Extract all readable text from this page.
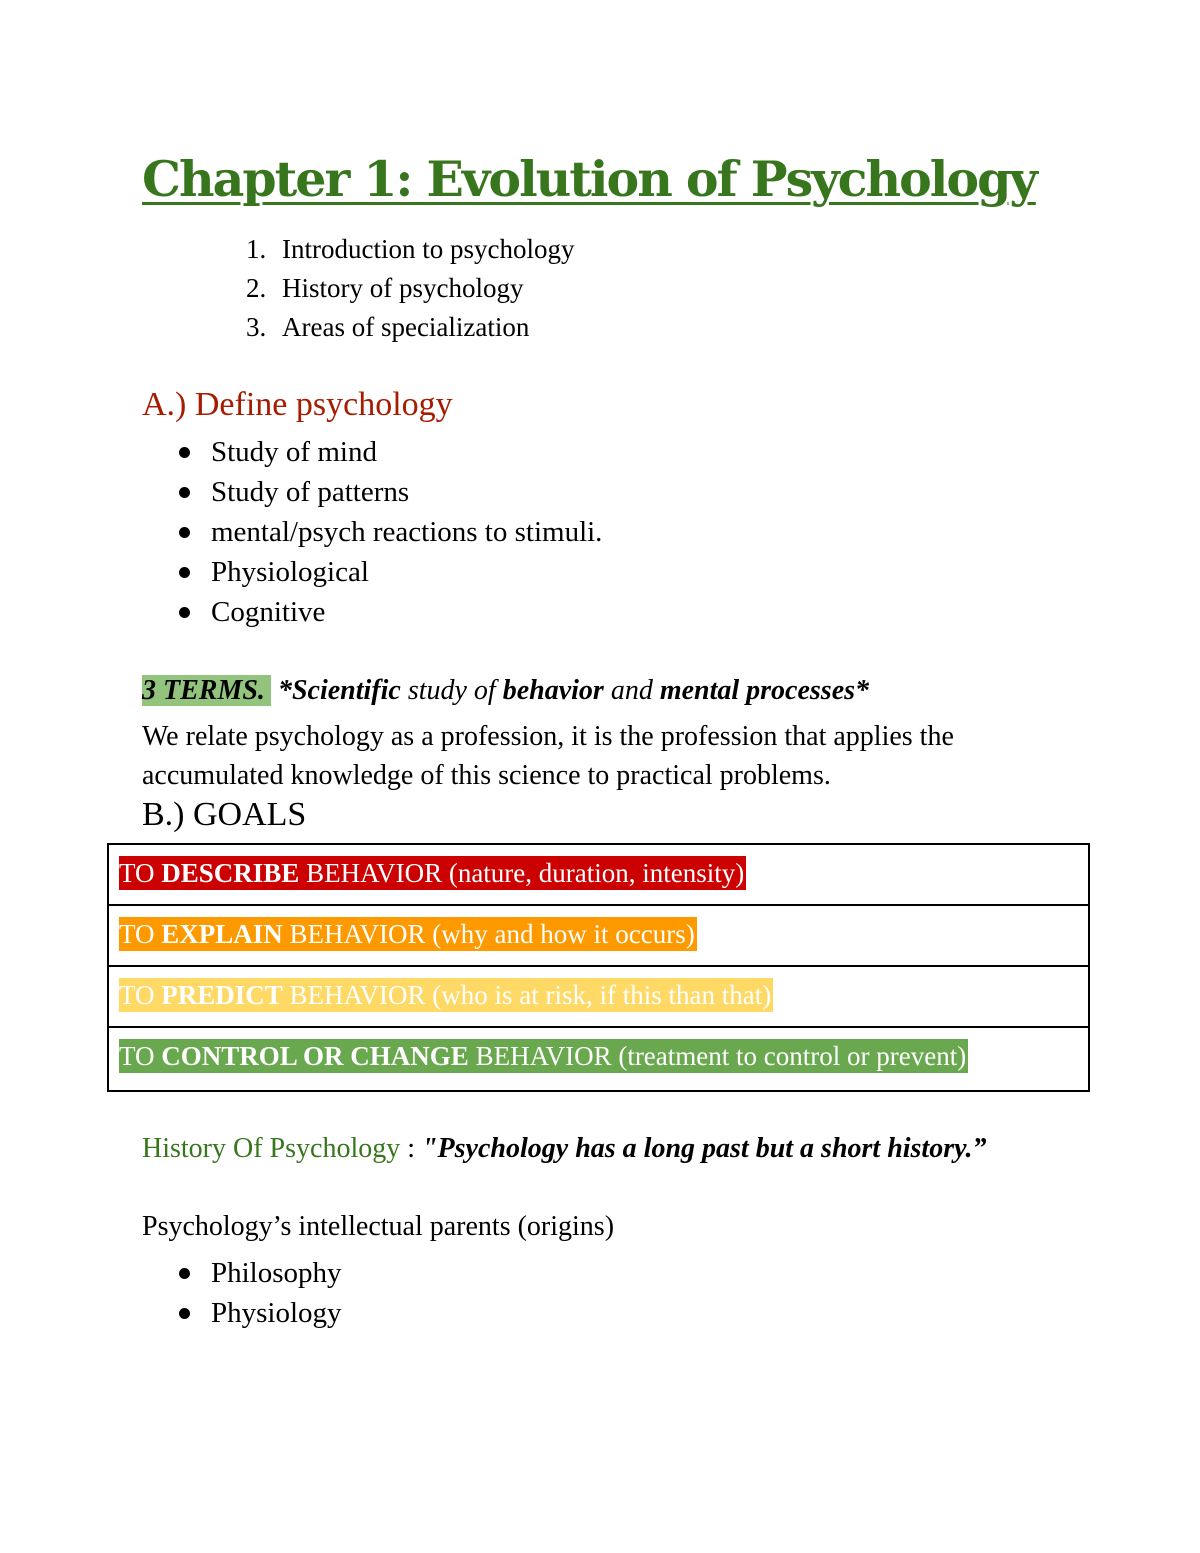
Chapter 1: Evolution of Psychology
1. Introduction to psychology
2. History of psychology
3. Areas of specialization
A.) Define psychology
Study of mind
Study of patterns
mental/psych reactions to stimuli.
Physiological
Cognitive
3 TERMS. *Scientific study of behavior and mental processes*

We relate psychology as a profession, it is the profession that applies the accumulated knowledge of this science to practical problems.

B.) GOALS
TO DESCRIBE BEHAVIOR (nature, duration, intensity)
TO EXPLAIN BEHAVIOR (why and how it occurs)
TO PREDICT BEHAVIOR (who is at risk, if this than that)
TO CONTROL OR CHANGE BEHAVIOR (treatment to control or prevent)

History Of Psychology : "Psychology has a long past but a short history.”

Psychology’s intellectual parents (origins)

Philosophy
Physiology
